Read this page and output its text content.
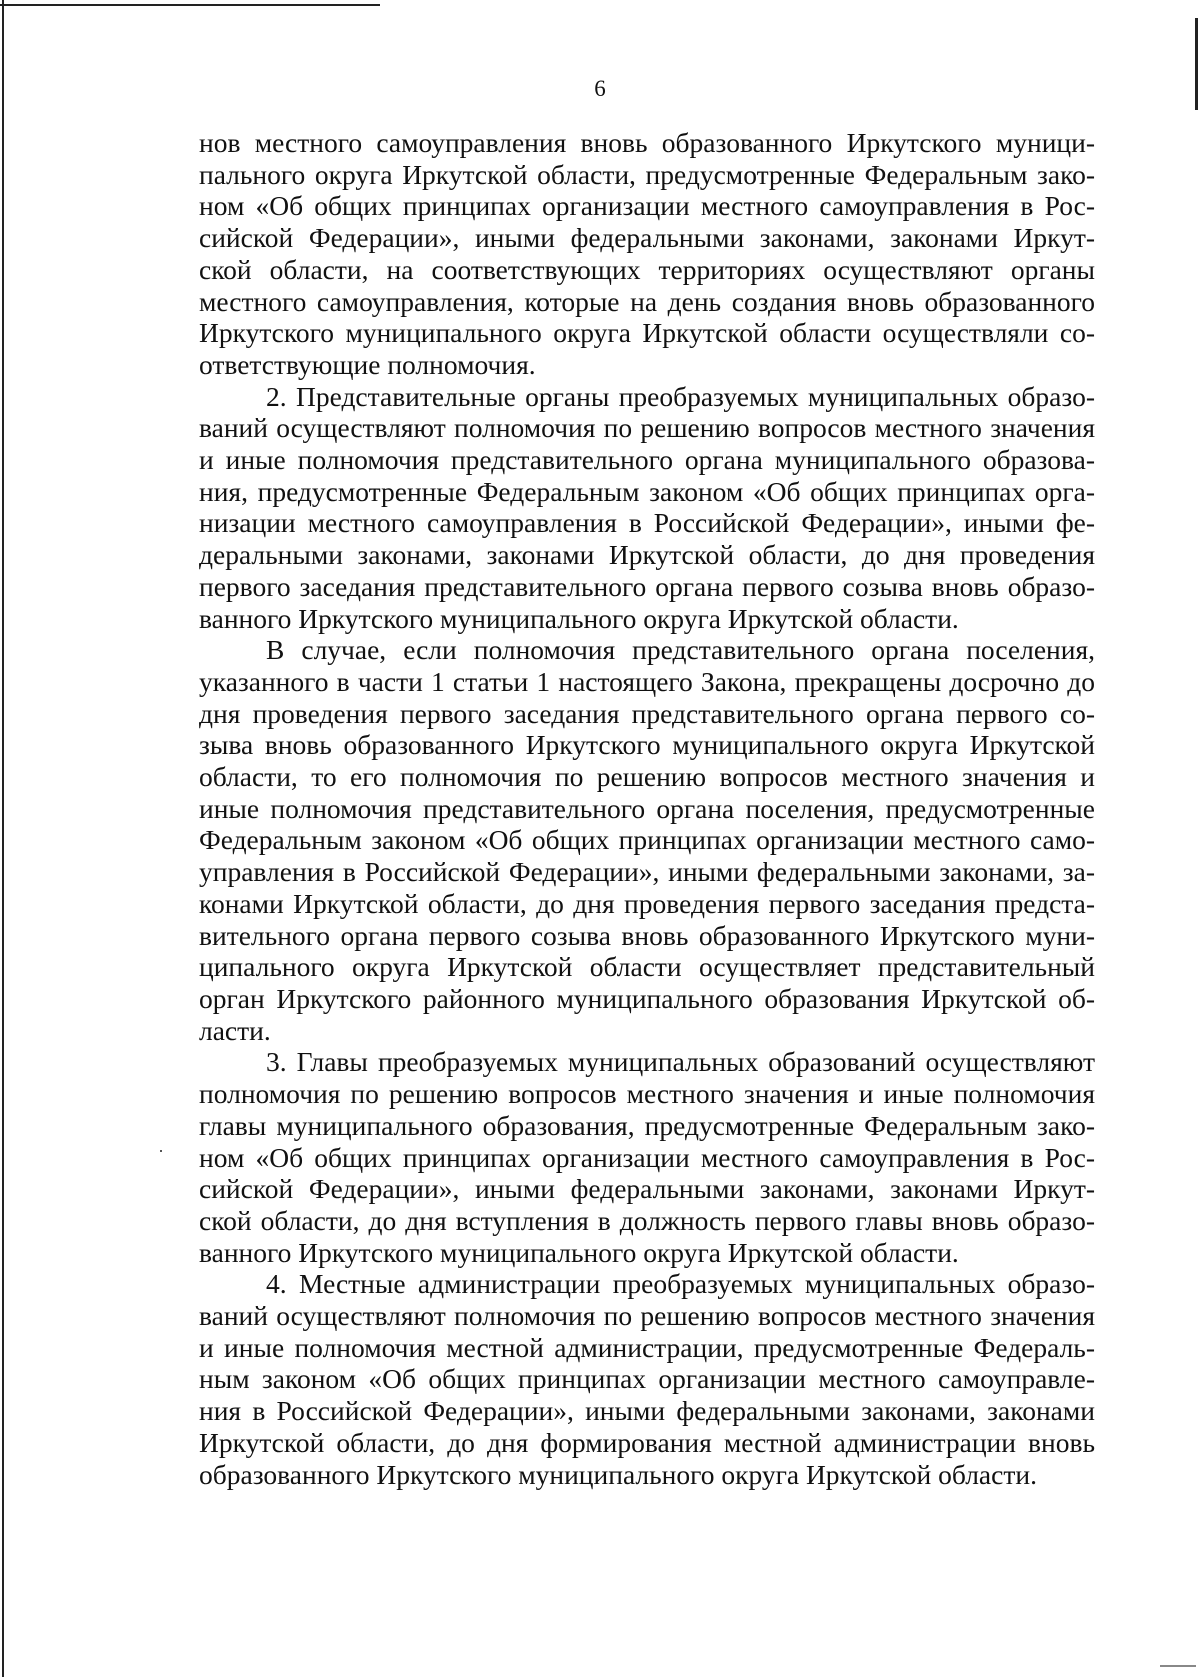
6
нов местного самоуправления вновь образованного Иркутского муници-
пального округа Иркутской области, предусмотренные Федеральным зако-
ном «Об общих принципах организации местного самоуправления в Рос-
сийской Федерации», иными федеральными законами, законами Иркут-
ской области, на соответствующих территориях осуществляют органы
местного самоуправления, которые на день создания вновь образованного
Иркутского муниципального округа Иркутской области осуществляли со-
ответствующие полномочия.
2. Представительные органы преобразуемых муниципальных образо-
ваний осуществляют полномочия по решению вопросов местного значения
и иные полномочия представительного органа муниципального образова-
ния, предусмотренные Федеральным законом «Об общих принципах орга-
низации местного самоуправления в Российской Федерации», иными фе-
деральными законами, законами Иркутской области, до дня проведения
первого заседания представительного органа первого созыва вновь образо-
ванного Иркутского муниципального округа Иркутской области.
В случае, если полномочия представительного органа поселения,
указанного в части 1 статьи 1 настоящего Закона, прекращены досрочно до
дня проведения первого заседания представительного органа первого со-
зыва вновь образованного Иркутского муниципального округа Иркутской
области, то его полномочия по решению вопросов местного значения и
иные полномочия представительного органа поселения, предусмотренные
Федеральным законом «Об общих принципах организации местного само-
управления в Российской Федерации», иными федеральными законами, за-
конами Иркутской области, до дня проведения первого заседания предста-
вительного органа первого созыва вновь образованного Иркутского муни-
ципального округа Иркутской области осуществляет представительный
орган Иркутского районного муниципального образования Иркутской об-
ласти.
3. Главы преобразуемых муниципальных образований осуществляют
полномочия по решению вопросов местного значения и иные полномочия
главы муниципального образования, предусмотренные Федеральным зако-
ном «Об общих принципах организации местного самоуправления в Рос-
сийской Федерации», иными федеральными законами, законами Иркут-
ской области, до дня вступления в должность первого главы вновь образо-
ванного Иркутского муниципального округа Иркутской области.
4. Местные администрации преобразуемых муниципальных образо-
ваний осуществляют полномочия по решению вопросов местного значения
и иные полномочия местной администрации, предусмотренные Федераль-
ным законом «Об общих принципах организации местного самоуправле-
ния в Российской Федерации», иными федеральными законами, законами
Иркутской области, до дня формирования местной администрации вновь
образованного Иркутского муниципального округа Иркутской области.
